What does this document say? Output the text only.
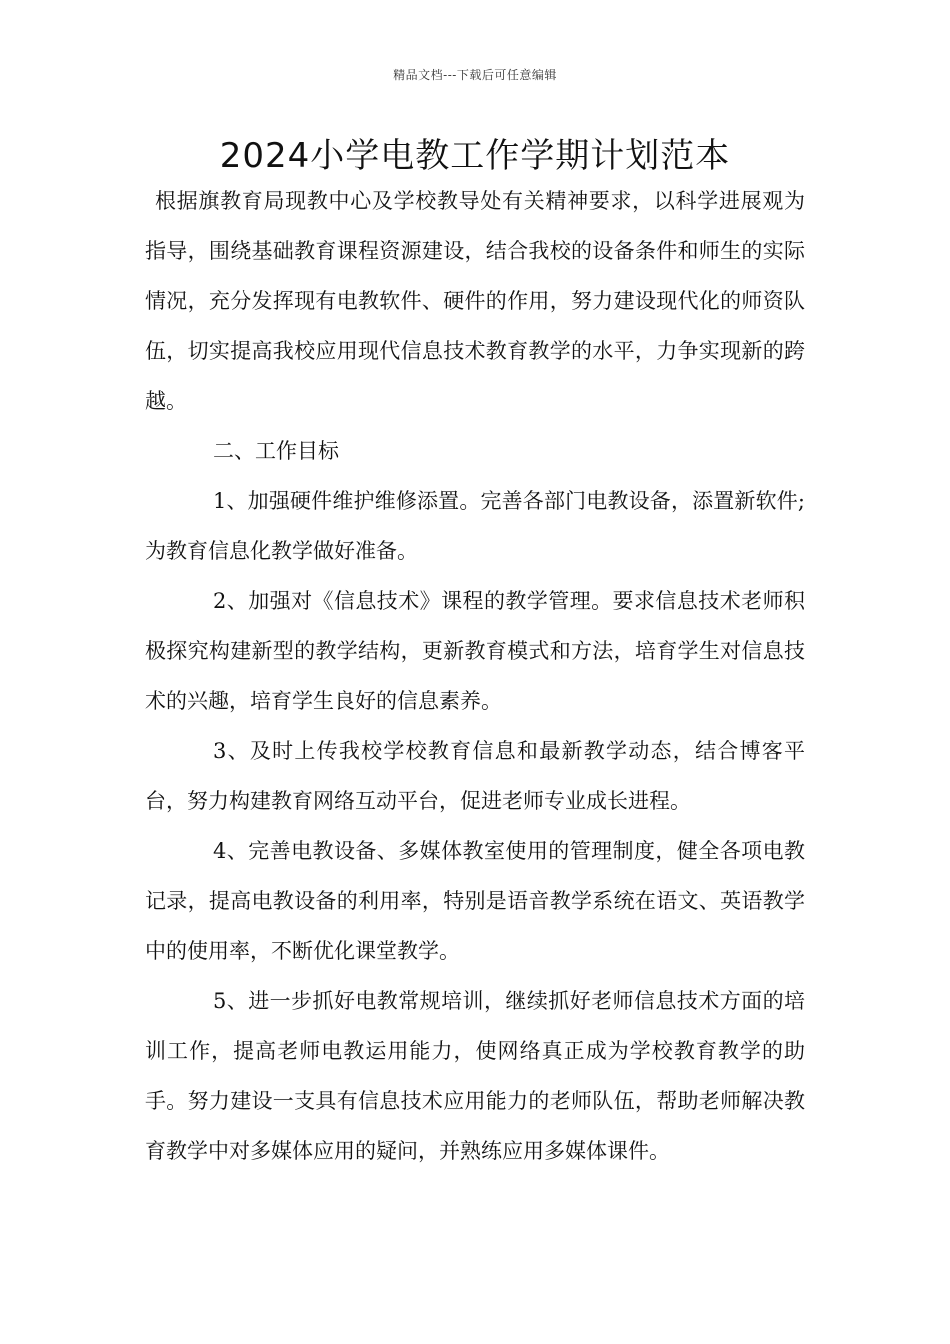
精品文档---下载后可任意编辑
2024小学电教工作学期计划范本

根据旗教育局现教中心及学校教导处有关精神要求，以科学进展观为指导，围绕基础教育课程资源建设，结合我校的设备条件和师生的实际情况，充分发挥现有电教软件、硬件的作用，努力建设现代化的师资队伍，切实提高我校应用现代信息技术教育教学的水平，力争实现新的跨越。

二、工作目标

1、加强硬件维护维修添置。完善各部门电教设备，添置新软件;为教育信息化教学做好准备。

2、加强对《信息技术》课程的教学管理。要求信息技术老师积极探究构建新型的教学结构，更新教育模式和方法，培育学生对信息技术的兴趣，培育学生良好的信息素养。

3、及时上传我校学校教育信息和最新教学动态，结合博客平台，努力构建教育网络互动平台，促进老师专业成长进程。

4、完善电教设备、多媒体教室使用的管理制度，健全各项电教记录，提高电教设备的利用率，特别是语音教学系统在语文、英语教学中的使用率，不断优化课堂教学。

5、进一步抓好电教常规培训，继续抓好老师信息技术方面的培训工作，提高老师电教运用能力，使网络真正成为学校教育教学的助手。努力建设一支具有信息技术应用能力的老师队伍，帮助老师解决教育教学中对多媒体应用的疑问，并熟练应用多媒体课件。
